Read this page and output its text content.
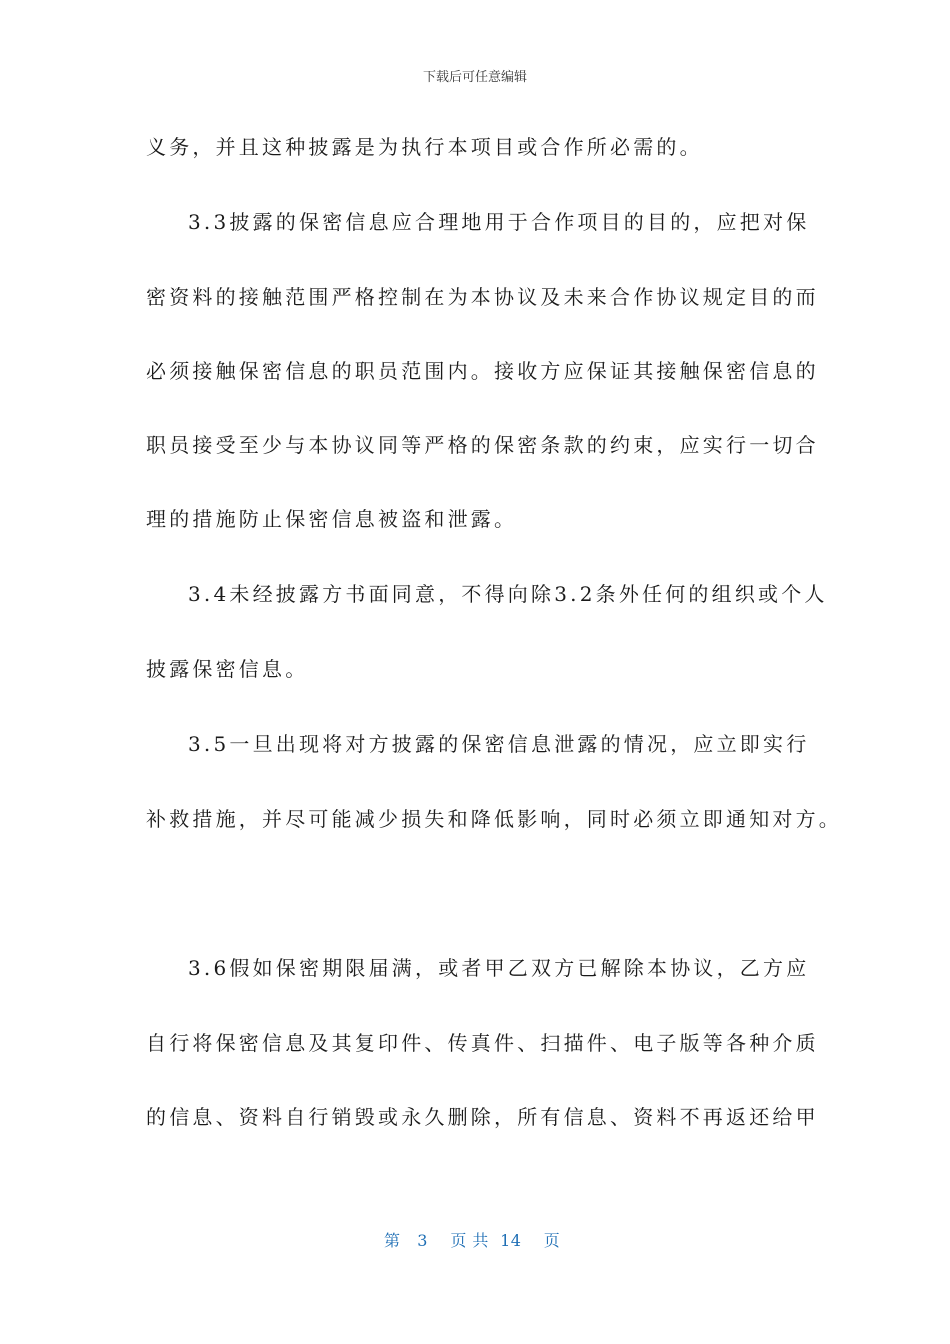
下载后可任意编辑
义务，并且这种披露是为执行本项目或合作所必需的。
3.3披露的保密信息应合理地用于合作项目的目的，应把对保
密资料的接触范围严格控制在为本协议及未来合作协议规定目的而
必须接触保密信息的职员范围内。接收方应保证其接触保密信息的
职员接受至少与本协议同等严格的保密条款的约束，应实行一切合
理的措施防止保密信息被盗和泄露。
3.4未经披露方书面同意，不得向除3.2条外任何的组织或个人
披露保密信息。
3.5一旦出现将对方披露的保密信息泄露的情况，应立即实行
补救措施，并尽可能减少损失和降低影响，同时必须立即通知对方。
3.6假如保密期限届满，或者甲乙双方已解除本协议，乙方应
自行将保密信息及其复印件、传真件、扫描件、电子版等各种介质
的信息、资料自行销毁或永久删除，所有信息、资料不再返还给甲
第 3 页 共 14 页
